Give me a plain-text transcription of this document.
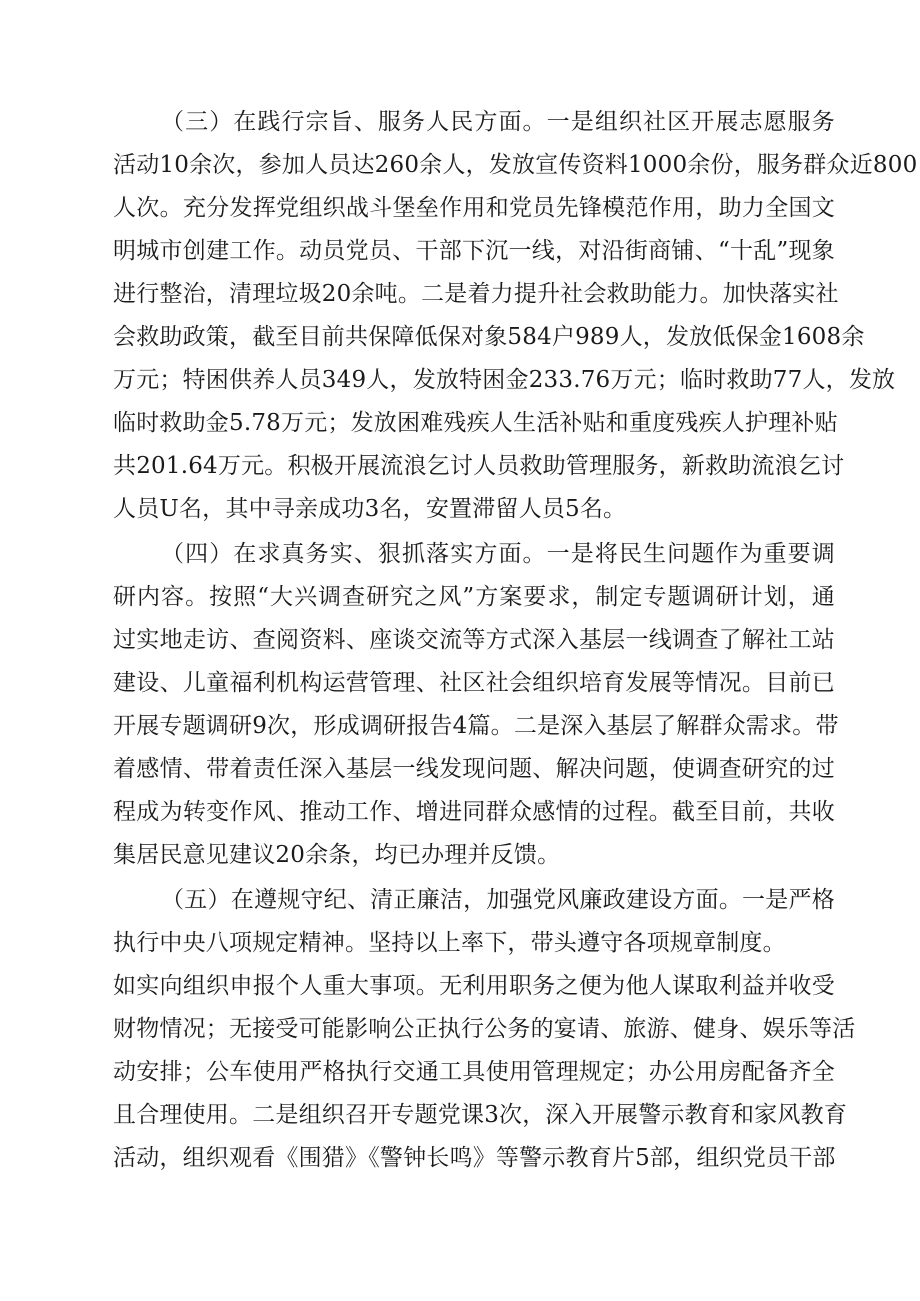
（三）在践行宗旨、服务人民方面。一是组织社区开展志愿服务
活动10余次，参加人员达260余人，发放宣传资料1000余份，服务群众近800
人次。充分发挥党组织战斗堡垒作用和党员先锋模范作用，助力全国文
明城市创建工作。动员党员、干部下沉一线，对沿街商铺、“十乱”现象
进行整治，清理垃圾20余吨。二是着力提升社会救助能力。加快落实社
会救助政策，截至目前共保障低保对象584户989人，发放低保金1608余
万元；特困供养人员349人，发放特困金233.76万元；临时救助77人，发放
临时救助金5.78万元；发放困难残疾人生活补贴和重度残疾人护理补贴
共201.64万元。积极开展流浪乞讨人员救助管理服务，新救助流浪乞讨
人员U名，其中寻亲成功3名，安置滞留人员5名。
（四）在求真务实、狠抓落实方面。一是将民生问题作为重要调
研内容。按照“大兴调查研究之风”方案要求，制定专题调研计划，通
过实地走访、查阅资料、座谈交流等方式深入基层一线调查了解社工站
建设、儿童福利机构运营管理、社区社会组织培育发展等情况。目前已
开展专题调研9次，形成调研报告4篇。二是深入基层了解群众需求。带
着感情、带着责任深入基层一线发现问题、解决问题，使调查研究的过
程成为转变作风、推动工作、增进同群众感情的过程。截至目前，共收
集居民意见建议20余条，均已办理并反馈。
（五）在遵规守纪、清正廉洁，加强党风廉政建设方面。一是严格
执行中央八项规定精神。坚持以上率下，带头遵守各项规章制度。
如实向组织申报个人重大事项。无利用职务之便为他人谋取利益并收受
财物情况；无接受可能影响公正执行公务的宴请、旅游、健身、娱乐等活
动安排；公车使用严格执行交通工具使用管理规定；办公用房配备齐全
且合理使用。二是组织召开专题党课3次，深入开展警示教育和家风教育
活动，组织观看《围猎》《警钟长鸣》等警示教育片5部，组织党员干部
